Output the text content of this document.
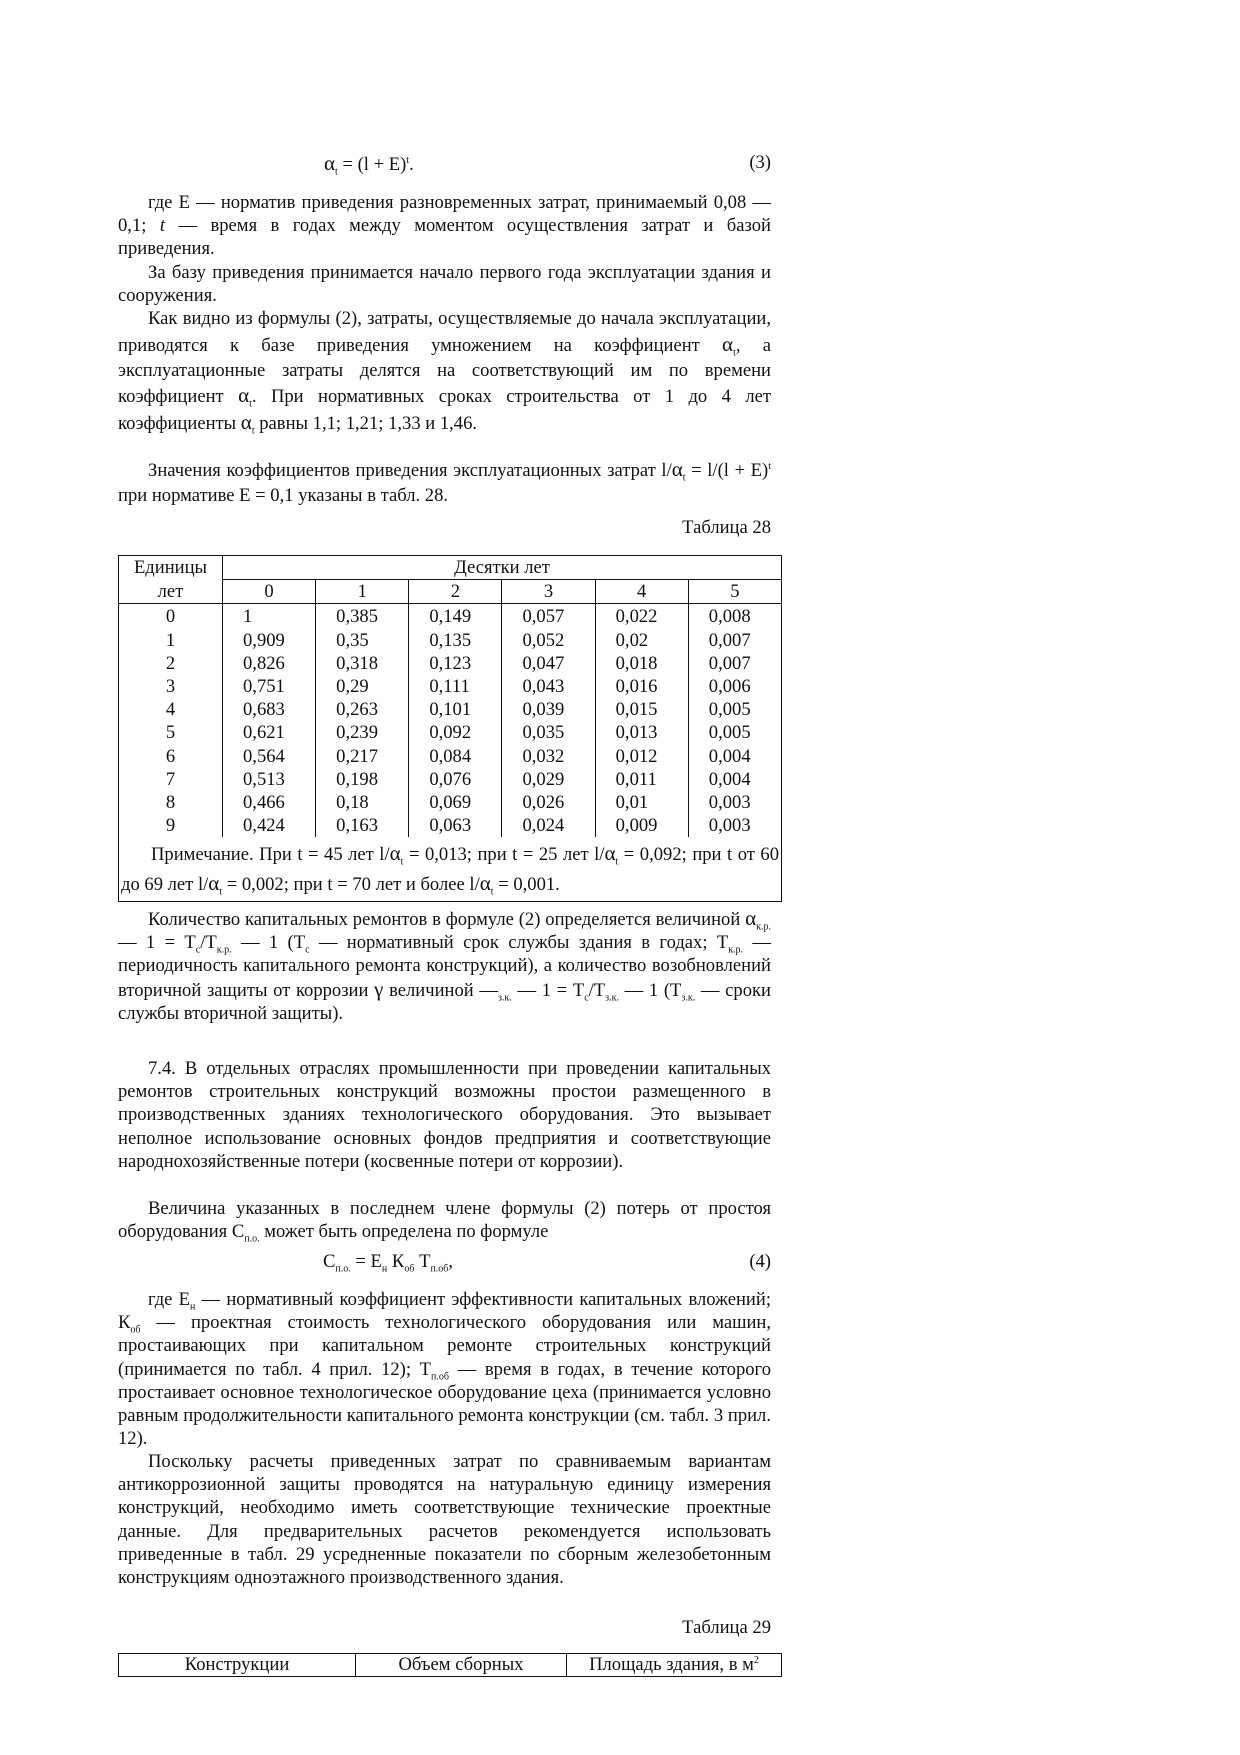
$\alpha_t = (l + E)^t$.	(3)

где Е — норматив приведения разновременных затрат, принимаемый 0,08 — 0,1; t — время в годах между моментом осуществления затрат и базой приведения.

За базу приведения принимается начало первого года эксплуатации здания и сооружения.

Как видно из формулы (2), затраты, осуществляемые до начала эксплуатации, приводятся к базе приведения умножением на коэффициент $\alpha_t$, а эксплуатационные затраты делятся на соответствующий им по времени коэффициент $\alpha_t$. При нормативных сроках строительства от 1 до 4 лет коэффициенты $\alpha_t$ равны 1,1; 1,21; 1,33 и 1,46.

Значения коэффициентов приведения эксплуатационных затрат $l/\alpha_t = l/(l + E)^t$ при нормативе Е = 0,1 указаны в табл. 28.

Таблица 28
Единицы	Десятки лет					
лет	0	1	2	3	4	5
0	1	0,385	0,149	0,057	0,022	0,008
1	0,909	0,35	0,135	0,052	0,02	0,007
2	0,826	0,318	0,123	0,047	0,018	0,007
3	0,751	0,29	0,111	0,043	0,016	0,006
4	0,683	0,263	0,101	0,039	0,015	0,005
5	0,621	0,239	0,092	0,035	0,013	0,005
6	0,564	0,217	0,084	0,032	0,012	0,004
7	0,513	0,198	0,076	0,029	0,011	0,004
8	0,466	0,18	0,069	0,026	0,01	0,003
9	0,424	0,163	0,063	0,024	0,009	0,003
Примечание. При t = 45 лет $l/\alpha_t = 0,013$; при t = 25 лет $l/\alpha_t = 0,092$; при t от 60 до 69 лет $l/\alpha_t = 0,002$; при t = 70 лет и более $l/\alpha_t = 0,001$.						

Количество капитальных ремонтов в формуле (2) определяется величиной $\alpha_{к.р.}$ — $1 = Т_с/Т_{к.р.}$ — 1 ($Т_с$ — нормативный срок службы здания в годах; $Т_{к.р.}$ — периодичность капитального ремонта конструкций), а количество возобновлений вторичной защиты от коррозии γ величиной $—_{з.к.}$ — $1 = Т_с/Т_{з.к.}$ — 1 ($Т_{з.к.}$ — сроки службы вторичной защиты).

7.4. В отдельных отраслях промышленности при проведении капитальных ремонтов строительных конструкций возможны простои размещенного в производственных зданиях технологического оборудования. Это вызывает неполное использование основных фондов предприятия и соответствующие народнохозяйственные потери (косвенные потери от коррозии).

Величина указанных в последнем члене формулы (2) потерь от простоя оборудования $С_{п.о.}$ может быть определена по формуле

$С_{п.о.} = Е_н$ $К_{об}$ $Т_{п.об}$,	(4)

где $Е_н$ — нормативный коэффициент эффективности капитальных вложений; $К_{об}$ — проектная стоимость технологического оборудования или машин, простаивающих при капитальном ремонте строительных конструкций (принимается по табл. 4 прил. 12); $Т_{п.об}$ — время в годах, в течение которого простаивает основное технологическое оборудование цеха (принимается условно равным продолжительности капитального ремонта конструкции (см. табл. 3 прил. 12).

Поскольку расчеты приведенных затрат по сравниваемым вариантам антикоррозионной защиты проводятся на натуральную единицу измерения конструкций, необходимо иметь соответствующие технические проектные данные. Для предварительных расчетов рекомендуется использовать приведенные в табл. 29 усредненные показатели по сборным железобетонным конструкциям одноэтажного производственного здания.

Таблица 29
Конструкции	Объем сборных	Площадь здания, в $м^2$
